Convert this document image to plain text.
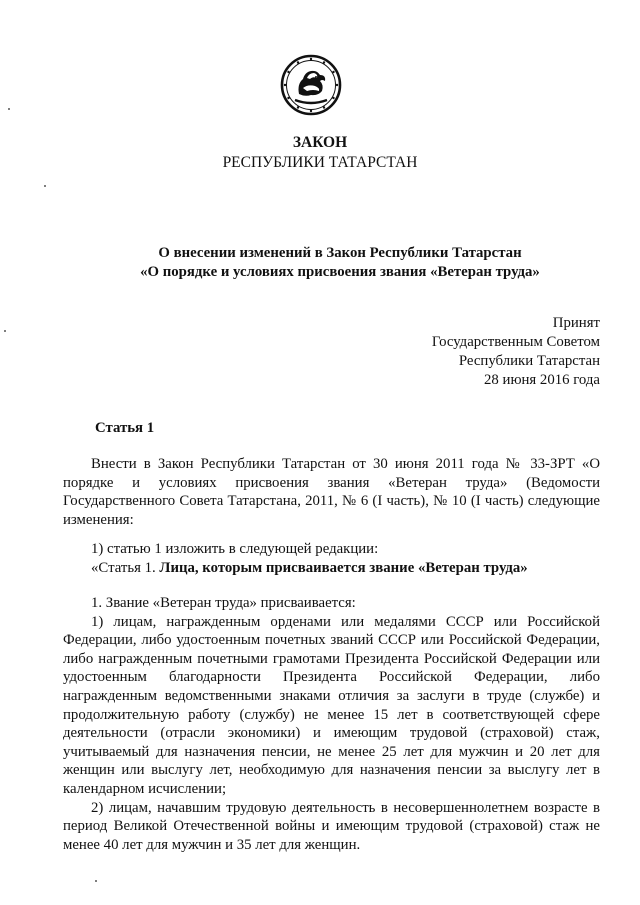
ЗАКОН
РЕСПУБЛИКИ ТАТАРСТАН
О внесении изменений в Закон Республики Татарстан
«О порядке и условиях присвоения звания «Ветеран труда»
Принят
Государственным Советом
Республики Татарстан
28 июня 2016 года
Статья 1

Внести в Закон Республики Татарстан от 30 июня 2011 года № 33-ЗРТ «О порядке и условиях присвоения звания «Ветеран труда» (Ведомости Государственного Совета Татарстана, 2011, № 6 (I часть), № 10 (I часть) следующие изменения:

1) статью 1 изложить в следующей редакции:

«Статья 1. Лица, которым присваивается звание «Ветеран труда»

1. Звание «Ветеран труда» присваивается:

1) лицам, награжденным орденами или медалями СССР или Российской Федерации, либо удостоенным почетных званий СССР или Российской Федерации, либо награжденным почетными грамотами Президента Российской Федерации или удостоенным благодарности Президента Российской Федерации, либо награжденным ведомственными знаками отличия за заслуги в труде (службе) и продолжительную работу (службу) не менее 15 лет в соответствующей сфере деятельности (отрасли экономики) и имеющим трудовой (страховой) стаж, учитываемый для назначения пенсии, не менее 25 лет для мужчин и 20 лет для женщин или выслугу лет, необходимую для назначения пенсии за выслугу лет в календарном исчислении;

2) лицам, начавшим трудовую деятельность в несовершеннолетнем возрасте в период Великой Отечественной войны и имеющим трудовой (страховой) стаж не менее 40 лет для мужчин и 35 лет для женщин.
